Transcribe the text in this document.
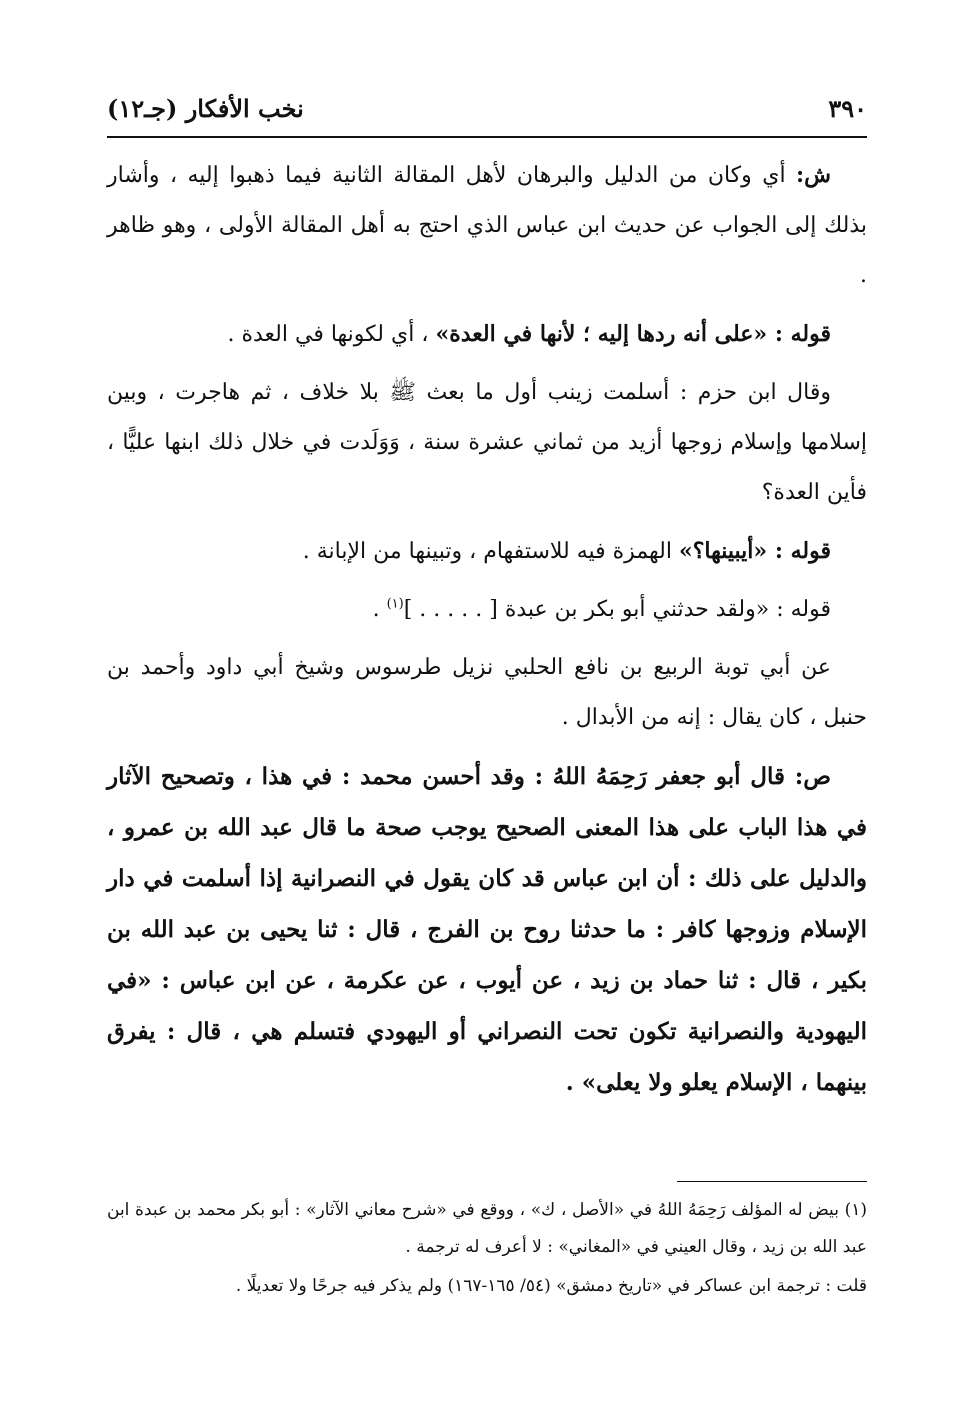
٣٩٠
نخب الأفكار (جـ١٢)

ش: أي وكان من الدليل والبرهان لأهل المقالة الثانية فيما ذهبوا إليه ، وأشار بذلك إلى الجواب عن حديث ابن عباس الذي احتج به أهل المقالة الأولى ، وهو ظاهر .

قوله : «على أنه ردها إليه ؛ لأنها في العدة» ، أي لكونها في العدة .

وقال ابن حزم : أسلمت زينب أول ما بعث ﷺ بلا خلاف ، ثم هاجرت ، وبين إسلامها وإسلام زوجها أزيد من ثماني عشرة سنة ، وَوَلَدت في خلال ذلك ابنها عليًّا ، فأين العدة؟

قوله : «أيبينها؟» الهمزة فيه للاستفهام ، وتبينها من الإبانة .

قوله : «ولقد حدثني أبو بكر بن عبدة [ . . . . . ]$^{(١)}$ .

عن أبي توبة الربيع بن نافع الحلبي نزيل طرسوس وشيخ أبي داود وأحمد بن حنبل ، كان يقال : إنه من الأبدال .

ص: قال أبو جعفر رَحِمَهُ اللهُ : وقد أحسن محمد : في هذا ، وتصحيح الآثار في هذا الباب على هذا المعنى الصحيح يوجب صحة ما قال عبد الله بن عمرو ، والدليل على ذلك : أن ابن عباس قد كان يقول في النصرانية إذا أسلمت في دار الإسلام وزوجها كافر : ما حدثنا روح بن الفرج ، قال : ثنا يحيى بن عبد الله بن بكير ، قال : ثنا حماد بن زيد ، عن أيوب ، عن عكرمة ، عن ابن عباس : «في اليهودية والنصرانية تكون تحت النصراني أو اليهودي فتسلم هي ، قال : يفرق بينهما ، الإسلام يعلو ولا يعلى» .

(١) بيض له المؤلف رَحِمَهُ اللهُ في «الأصل ، ك» ، ووقع في «شرح معاني الآثار» : أبو بكر محمد بن عبدة ابن عبد الله بن زيد ، وقال العيني في «المغاني» : لا أعرف له ترجمة .

قلت : ترجمة ابن عساكر في «تاريخ دمشق» (٥٤/ ١٦٥-١٦٧) ولم يذكر فيه جرحًا ولا تعديلًا .
